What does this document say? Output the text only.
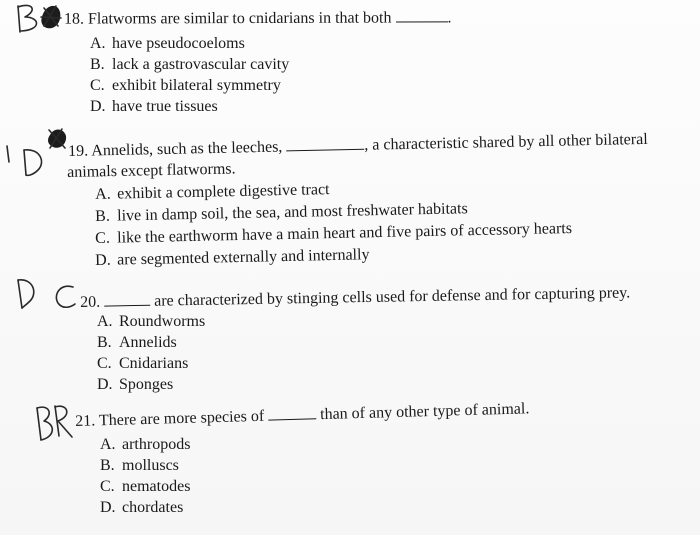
18. Flatworms are similar to cnidarians in that both	.
A. have pseudocoeloms
B. lack a gastrovascular cavity
C. exhibit bilateral symmetry
D. have true tissues
19. Annelids, such as the leeches,	, a characteristic shared by all other bilateral
animals except flatworms.
A. exhibit a complete digestive tract
B. live in damp soil, the sea, and most freshwater habitats
C. like the earthworm have a main heart and five pairs of accessory hearts
D. are segmented externally and internally
20.	are characterized by stinging cells used for defense and for capturing prey.
A. Roundworms
B. Annelids
C. Cnidarians
D. Sponges
21. There are more species of	than of any other type of animal.
A. arthropods
B. molluscs
C. nematodes
D. chordates
